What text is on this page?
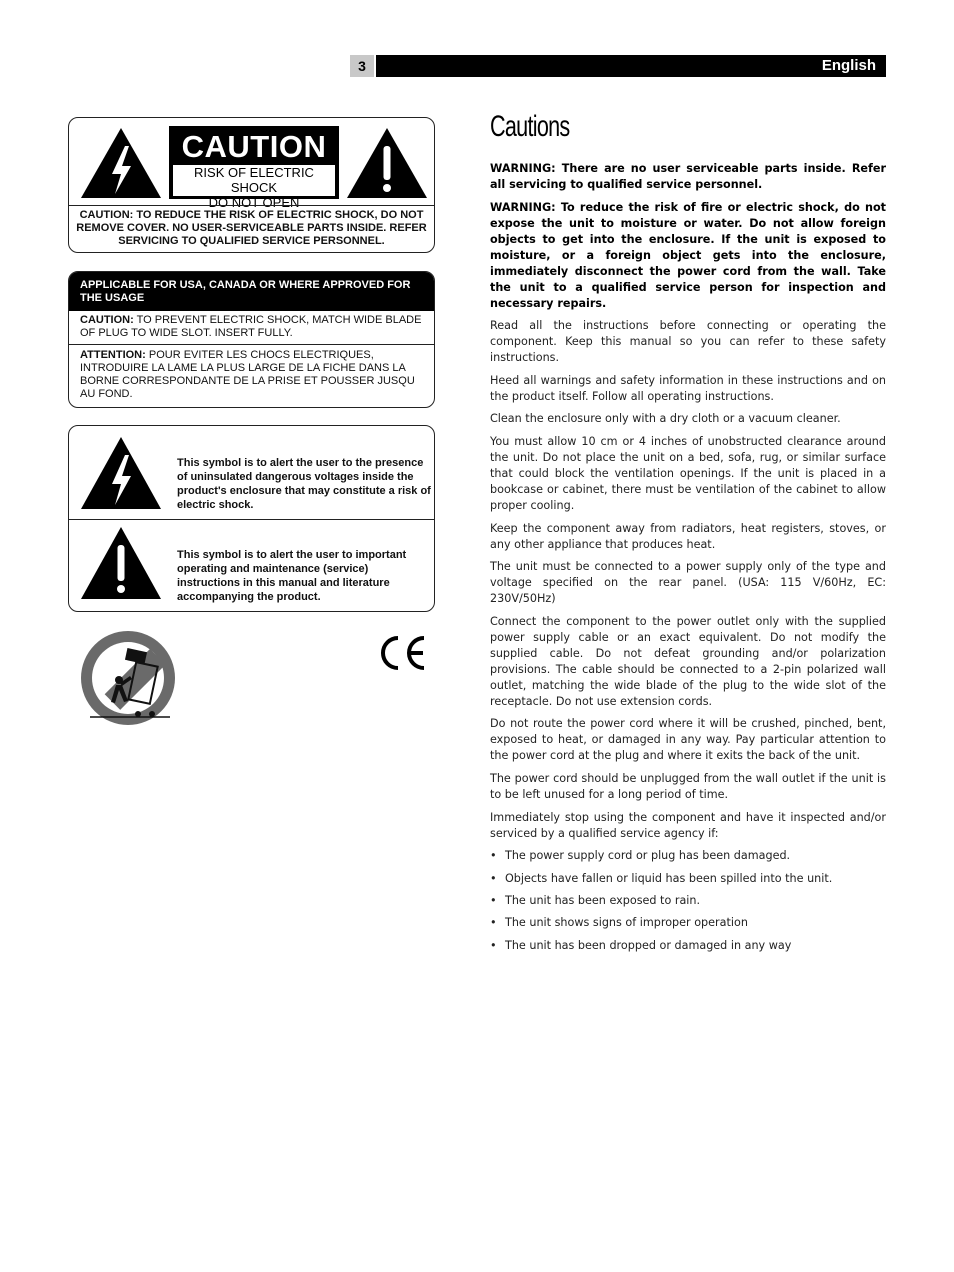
3	English
CAUTION
RISK OF ELECTRIC SHOCK
DO NOT OPEN
CAUTION: TO REDUCE THE RISK OF ELECTRIC SHOCK, DO NOT REMOVE COVER. NO USER-SERVICEABLE PARTS INSIDE. REFER SERVICING TO QUALIFIED SERVICE PERSONNEL.
APPLICABLE FOR USA, CANADA OR WHERE APPROVED FOR THE USAGE
CAUTION: TO PREVENT ELECTRIC SHOCK, MATCH WIDE BLADE OF PLUG TO WIDE SLOT. INSERT FULLY.
ATTENTION: POUR EVITER LES CHOCS ELECTRIQUES, INTRODUIRE LA LAME LA PLUS LARGE DE LA FICHE DANS LA BORNE CORRESPONDANTE DE LA PRISE ET POUSSER JUSQU AU FOND.
This symbol is to alert the user to the presence of uninsulated dangerous voltages inside the product's enclosure that may constitute a risk of electric shock.
This symbol is to alert the user to important operating and maintenance (service) instructions in this manual and literature accompanying the product.
Cautions

WARNING: There are no user serviceable parts inside. Refer all servicing to qualified service personnel.

WARNING: To reduce the risk of fire or electric shock, do not expose the unit to moisture or water. Do not allow foreign objects to get into the enclosure. If the unit is exposed to moisture, or a foreign object gets into the enclosure, immediately disconnect the power cord from the wall. Take the unit to a qualified service person for inspection and necessary repairs.

Read all the instructions before connecting or operating the component. Keep this manual so you can refer to these safety instructions.

Heed all warnings and safety information in these instructions and on the product itself. Follow all operating instructions.

Clean the enclosure only with a dry cloth or a vacuum cleaner.

You must allow 10 cm or 4 inches of unobstructed clearance around the unit. Do not place the unit on a bed, sofa, rug, or similar surface that could block the ventilation openings. If the unit is placed in a bookcase or cabinet, there must be ventilation of the cabinet to allow proper cooling.

Keep the component away from radiators, heat registers, stoves, or any other appliance that produces heat.

The unit must be connected to a power supply only of the type and voltage specified on the rear panel. (USA: 115 V/60Hz, EC: 230V/50Hz)

Connect the component to the power outlet only with the supplied power supply cable or an exact equivalent. Do not modify the supplied cable. Do not defeat grounding and/or polarization provisions. The cable should be connected to a 2-pin polarized wall outlet, matching the wide blade of the plug to the wide slot of the receptacle. Do not use extension cords.

Do not route the power cord where it will be crushed, pinched, bent, exposed to heat, or damaged in any way. Pay particular attention to the power cord at the plug and where it exits the back of the unit.

The power cord should be unplugged from the wall outlet if the unit is to be left unused for a long period of time.

Immediately stop using the component and have it inspected and/or serviced by a qualified service agency if:

• The power supply cord or plug has been damaged.
• Objects have fallen or liquid has been spilled into the unit.
• The unit has been exposed to rain.
• The unit shows signs of improper operation
• The unit has been dropped or damaged in any way
